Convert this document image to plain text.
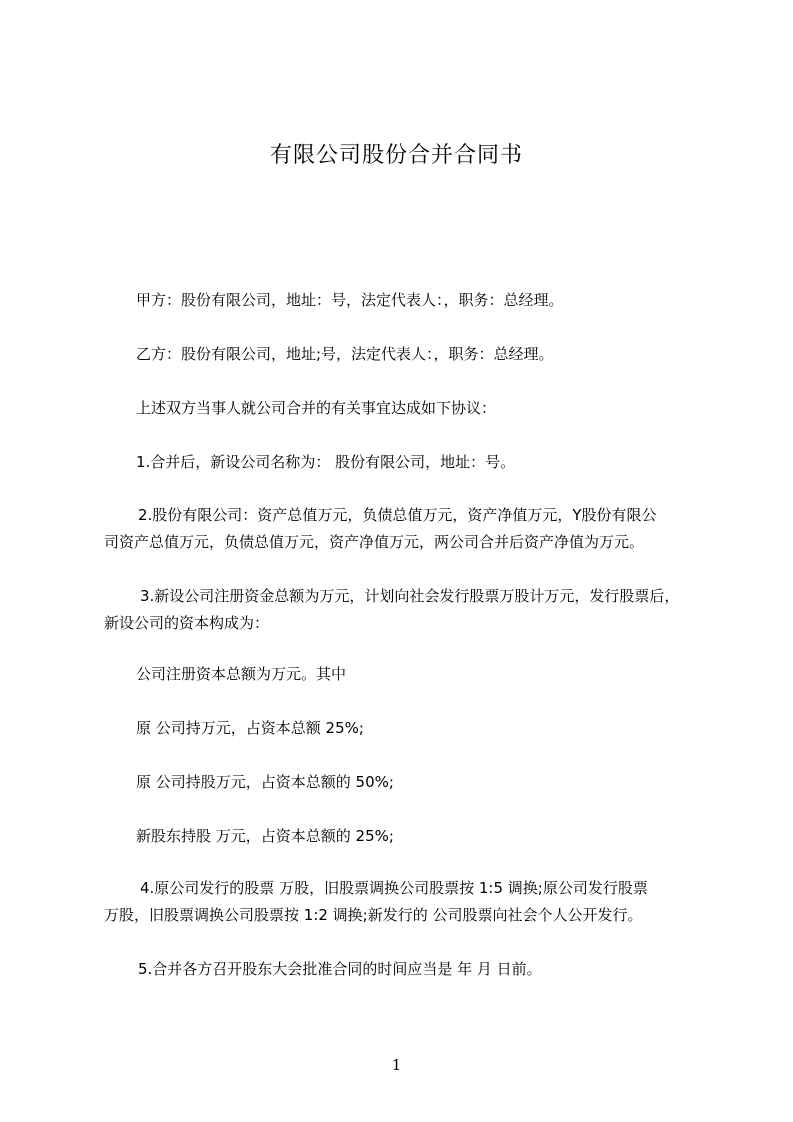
有限公司股份合并合同书
甲方：股份有限公司，地址：号，法定代表人：，职务：总经理。
乙方：股份有限公司，地址;号，法定代表人：，职务：总经理。
上述双方当事人就公司合并的有关事宜达成如下协议：
1.合并后，新设公司名称为： 股份有限公司，地址：号。
2.股份有限公司：资产总值万元，负债总值万元，资产净值万元，Y股份有限公
司资产总值万元，负债总值万元，资产净值万元，两公司合并后资产净值为万元。
3.新设公司注册资金总额为万元，计划向社会发行股票万股计万元，发行股票后，
新设公司的资本构成为：
公司注册资本总额为万元。其中
原 公司持万元，占资本总额 25%;
原 公司持股万元，占资本总额的 50%;
新股东持股 万元，占资本总额的 25%;
4.原公司发行的股票 万股，旧股票调换公司股票按 1:5 调换;原公司发行股票
万股，旧股票调换公司股票按 1:2 调换;新发行的 公司股票向社会个人公开发行。
5.合并各方召开股东大会批准合同的时间应当是 年 月 日前。
1
